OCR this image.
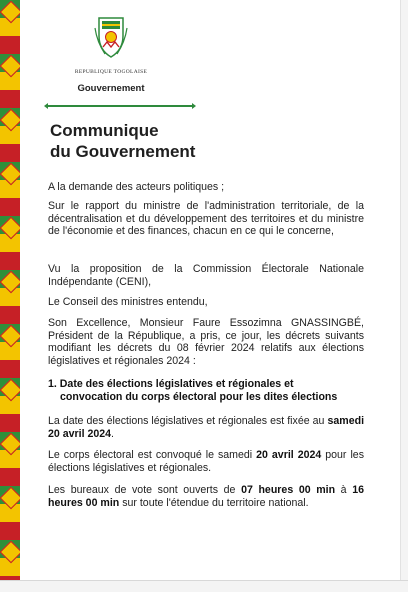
REPUBLIQUE TOGOLAISE
Gouvernement
Communique
du Gouvernement

A la demande des acteurs politiques ;

Sur le rapport du ministre de l'administration territoriale, de la décentralisation et du développement des territoires et du ministre de l'économie et des finances, chacun en ce qui le concerne,

Vu la proposition de la Commission Électorale Nationale Indépendante (CENI),

Le Conseil des ministres entendu,

Son Excellence, Monsieur Faure Essozimna GNASSINGBÉ, Président de la République, a pris, ce jour, les décrets suivants modifiant les décrets du 08 février 2024 relatifs aux élections législatives et régionales 2024 :

1. Date des élections législatives et régionales et
convocation du corps électoral pour les dites élections

La date des élections législatives et régionales est fixée au samedi 20 avril 2024.

Le corps électoral est convoqué le samedi 20 avril 2024 pour les élections législatives et régionales.

Les bureaux de vote sont ouverts de 07 heures 00 min à 16 heures 00 min sur toute l'étendue du territoire national.
